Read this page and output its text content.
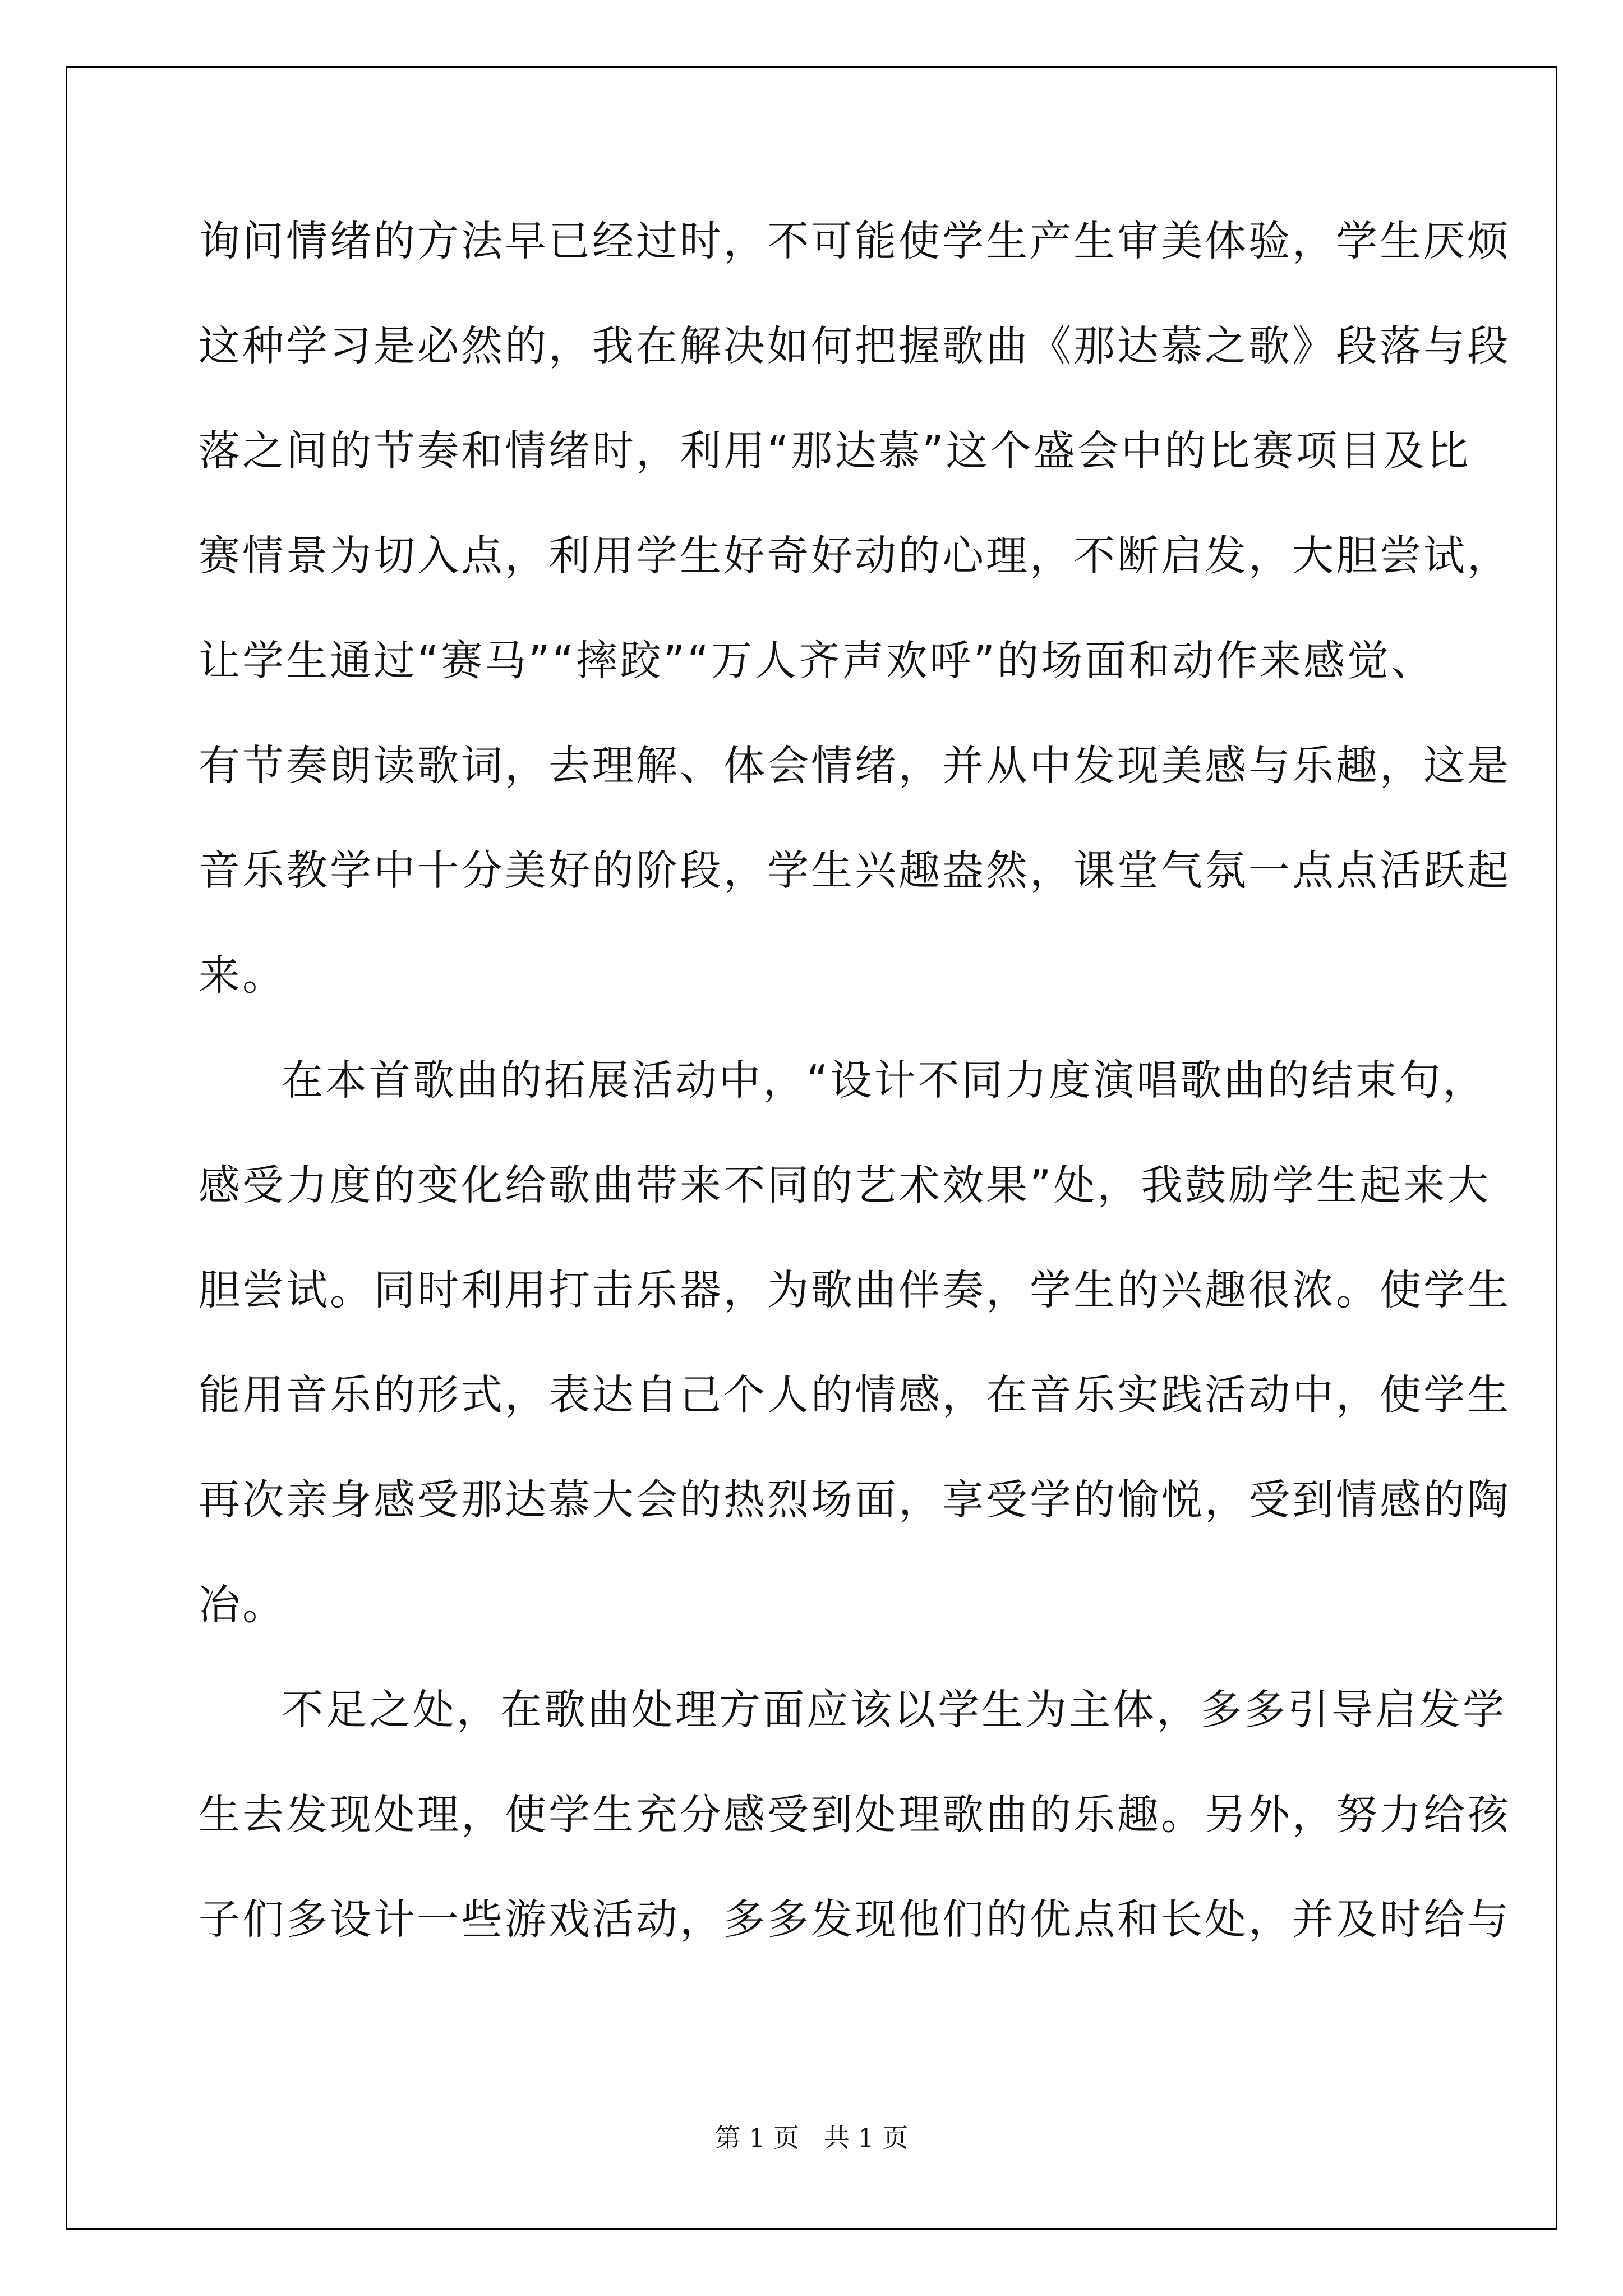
询问情绪的方法早已经过时，不可能使学生产生审美体验，学生厌烦
这种学习是必然的，我在解决如何把握歌曲《那达慕之歌》段落与段
落之间的节奏和情绪时，利用“那达慕”这个盛会中的比赛项目及比
赛情景为切入点，利用学生好奇好动的心理，不断启发，大胆尝试，
让学生通过“赛马”“摔跤”“万人齐声欢呼”的场面和动作来感觉、
有节奏朗读歌词，去理解、体会情绪，并从中发现美感与乐趣，这是
音乐教学中十分美好的阶段，学生兴趣盎然，课堂气氛一点点活跃起
来。
在本首歌曲的拓展活动中，“设计不同力度演唱歌曲的结束句，
感受力度的变化给歌曲带来不同的艺术效果”处，我鼓励学生起来大
胆尝试。同时利用打击乐器，为歌曲伴奏，学生的兴趣很浓。使学生
能用音乐的形式，表达自己个人的情感，在音乐实践活动中，使学生
再次亲身感受那达慕大会的热烈场面，享受学的愉悦，受到情感的陶
冶。
不足之处，在歌曲处理方面应该以学生为主体，多多引导启发学
生去发现处理，使学生充分感受到处理歌曲的乐趣。另外，努力给孩
子们多设计一些游戏活动，多多发现他们的优点和长处，并及时给与
第 1 页   共 1 页
